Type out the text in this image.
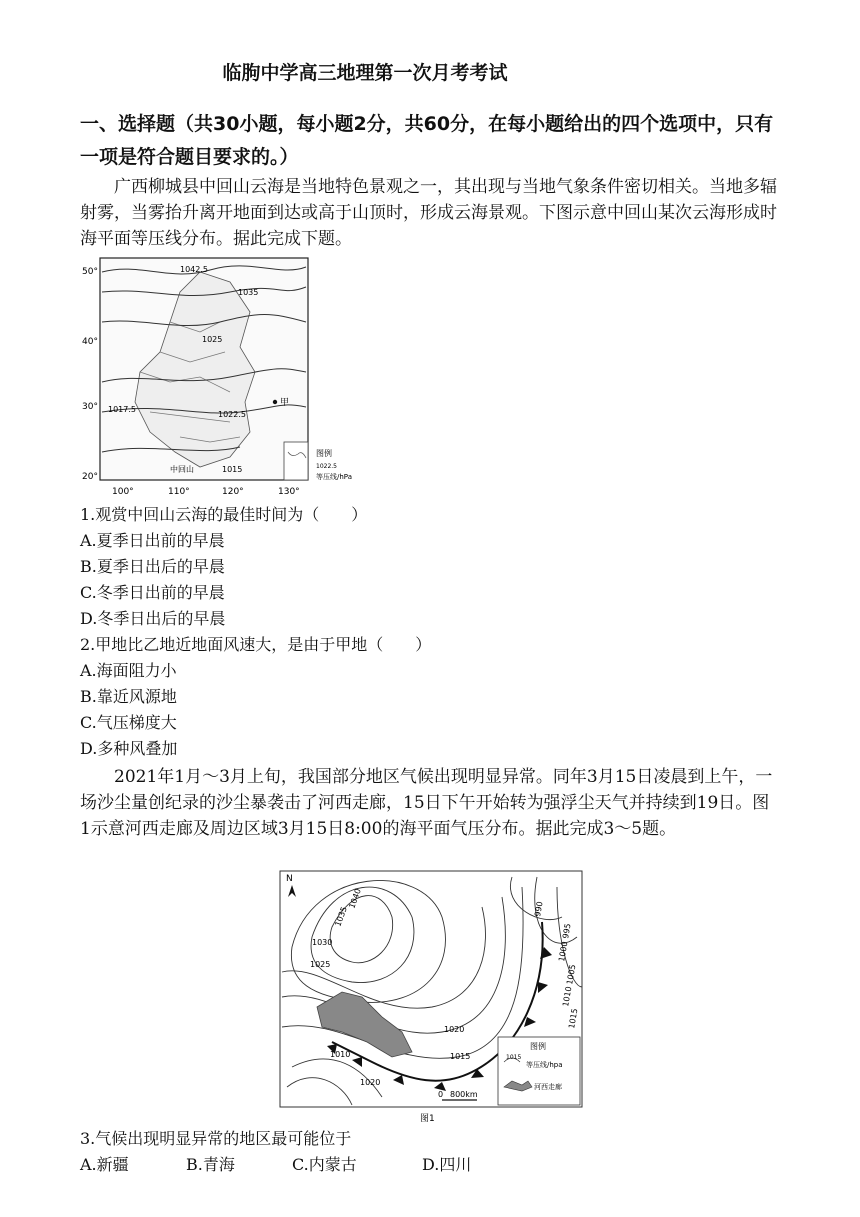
临朐中学高三地理第一次月考考试
一、选择题（共30小题，每小题2分，共60分，在每小题给出的四个选项中，只有一项是符合题目要求的。）
广西柳城县中回山云海是当地特色景观之一，其出现与当地气象条件密切相关。当地多辐射雾，当雾抬升离开地面到达或高于山顶时，形成云海景观。下图示意中回山某次云海形成时海平面等压线分布。据此完成下题。
50°
40°
30°
20°
100°	110°	120°	130°
1042.5
1035
1025
1017.5
1022.5
1015
甲
中回山
图例
1022.5
等压线/hPa
1.观赏中回山云海的最佳时间为（　　）
A.夏季日出前的早晨
B.夏季日出后的早晨
C.冬季日出前的早晨
D.冬季日出后的早晨
2.甲地比乙地近地面风速大，是由于甲地（　　）
A.海面阻力小
B.靠近风源地
C.气压梯度大
D.多种风叠加
2021年1月～3月上旬，我国部分地区气候出现明显异常。同年3月15日凌晨到上午，一场沙尘量创纪录的沙尘暴袭击了河西走廊，15日下午开始转为强浮尘天气并持续到19日。图1示意河西走廊及周边区域3月15日8:00的海平面气压分布。据此完成3～5题。
N
1040
1035
1030
1025
1020
1015
1010
1020
990
995
1000
1005
1010
1015
0 800km
图例
1015
等压线/hpa
河西走廊
图1
3.气候出现明显异常的地区最可能位于
A.新疆	B.青海	C.内蒙古	D.四川
